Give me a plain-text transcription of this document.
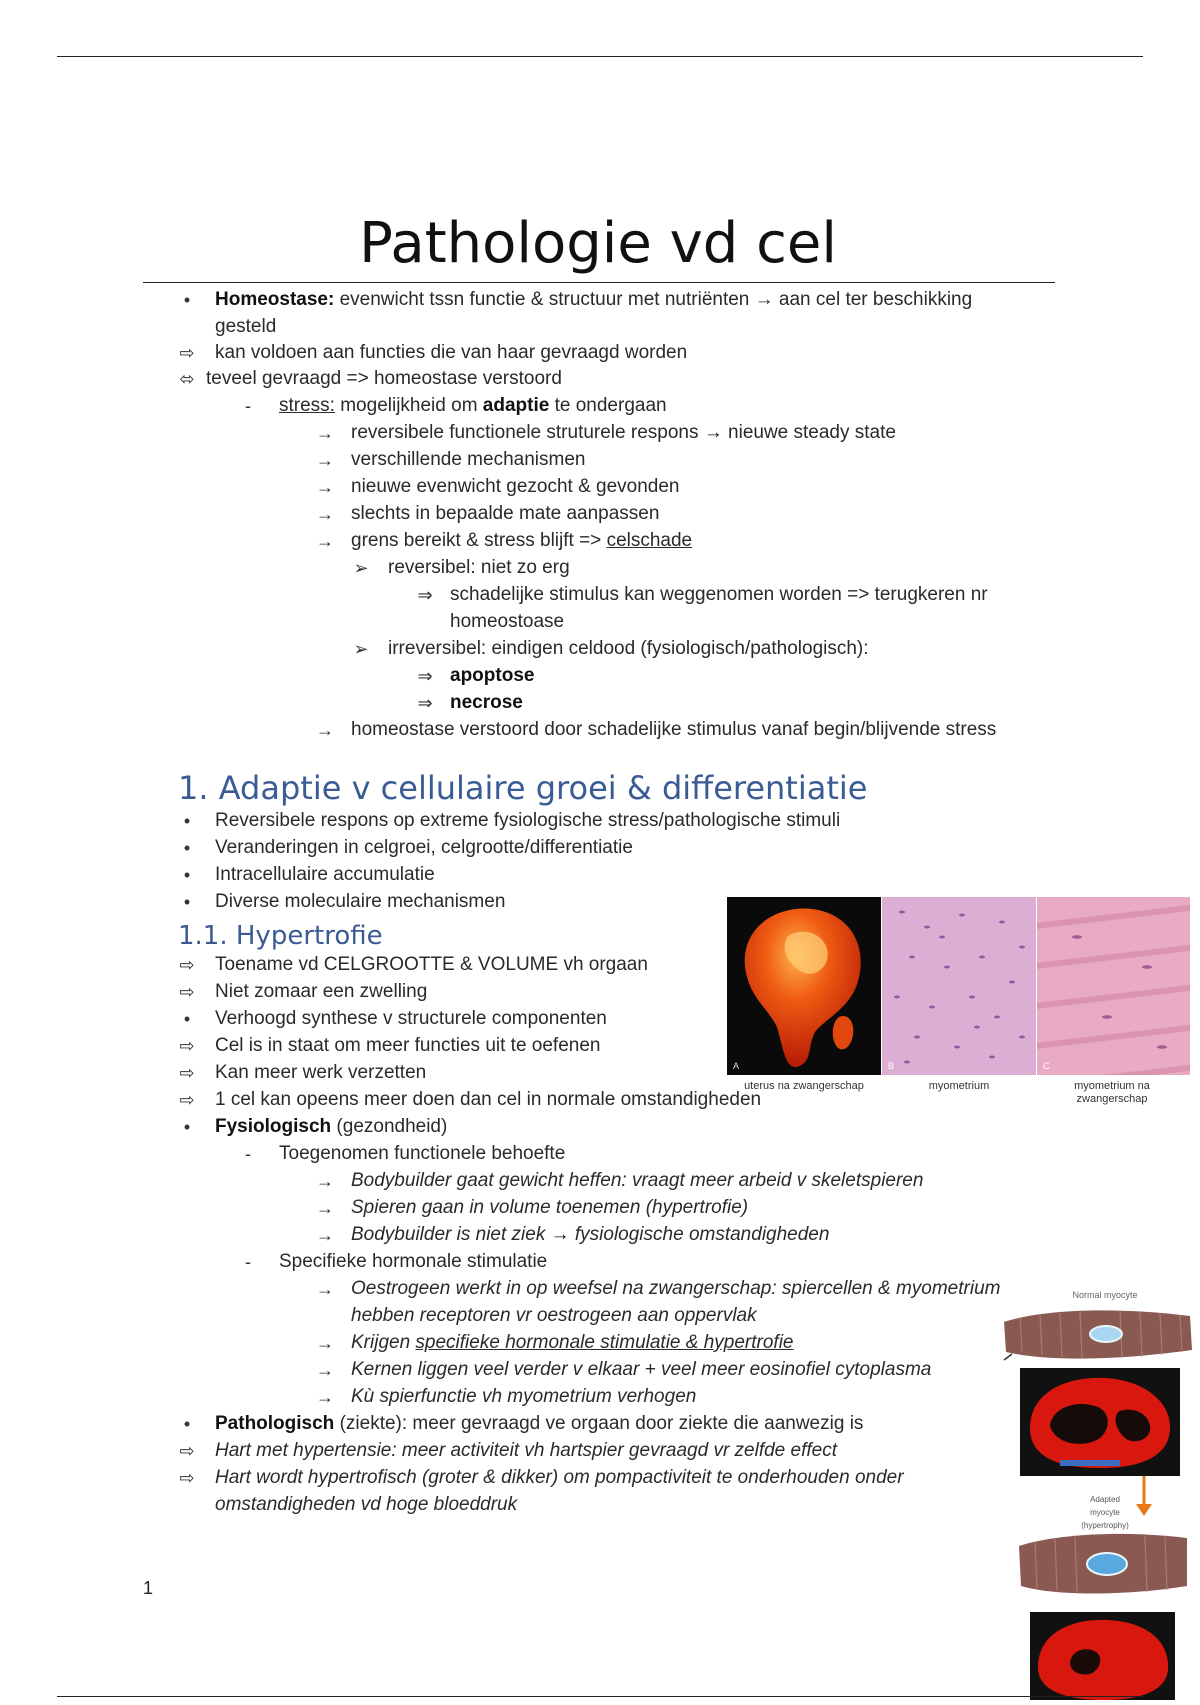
Pathologie vd cel
•	Homeostase: evenwicht tssn functie & structuur met nutriënten → aan cel ter beschikking
gesteld
⇨ kan voldoen aan functies die van haar gevraagd worden
⬄ teveel gevraagd => homeostase verstoord
-	stress: mogelijkheid om adaptie te ondergaan
→ reversibele functionele struturele respons → nieuwe steady state
→ verschillende mechanismen
→ nieuwe evenwicht gezocht & gevonden
→ slechts in bepaalde mate aanpassen
→ grens bereikt & stress blijft => celschade
➢ reversibel: niet zo erg
⇒ schadelijke stimulus kan weggenomen worden => terugkeren nr
homeostoase
➢ irreversibel: eindigen celdood (fysiologisch/pathologisch):
⇒ apoptose
⇒ necrose
→ homeostase verstoord door schadelijke stimulus vanaf begin/blijvende stress
1. Adaptie v cellulaire groei & differentiatie
•	Reversibele respons op extreme fysiologische stress/pathologische stimuli
•	Veranderingen in celgroei, celgrootte/differentiatie
•	Intracellulaire accumulatie
•	Diverse moleculaire mechanismen
1.1. Hypertrofie
⇨ Toename vd CELGROOTTE & VOLUME vh orgaan
⇨ Niet zomaar een zwelling
•	Verhoogd synthese v structurele componenten
⇨ Cel is in staat om meer functies uit te oefenen
⇨ Kan meer werk verzetten
⇨ 1 cel kan opeens meer doen dan cel in normale omstandigheden
•	Fysiologisch (gezondheid)
-	Toegenomen functionele behoefte
→ Bodybuilder gaat gewicht heffen: vraagt meer arbeid v skeletspieren
→ Spieren gaan in volume toenemen (hypertrofie)
→ Bodybuilder is niet ziek → fysiologische omstandigheden
-	Specifieke hormonale stimulatie
→ Oestrogeen werkt in op weefsel na zwangerschap: spiercellen & myometrium
hebben receptoren vr oestrogeen aan oppervlak
→ Krijgen specifieke hormonale stimulatie & hypertrofie
→ Kernen liggen veel verder v elkaar + veel meer eosinofiel cytoplasma
→ Kù spierfunctie vh myometrium verhogen
•	Pathologisch (ziekte): meer gevraagd ve orgaan door ziekte die aanwezig is
⇨ Hart met hypertensie: meer activiteit vh hartspier gevraagd vr zelfde effect
⇨ Hart wordt hypertrofisch (groter & dikker) om pompactiviteit te onderhouden onder
omstandigheden vd hoge bloeddruk
1
A	B	C
uterus na zwangerschap	myometrium	myometrium na zwangerschap
Normal myocyte
Adapted myocyte (hypertrophy)
